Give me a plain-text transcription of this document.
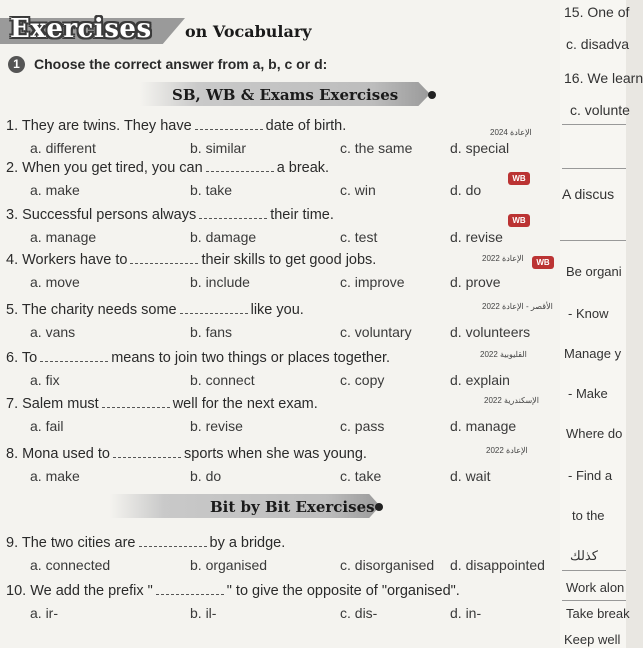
Exercises on Vocabulary
1	Choose the correct answer from a, b, c or d:
SB, WB & Exams Exercises
1. They are twins. They have	date of birth.
a. different	b. similar	c. the same	d. special
2024 الإعادة
2. When you get tired, you can	a break.
a. make	b. take	c. win	d. do
WB
3. Successful persons always	their time.
a. manage	b. damage	c. test	d. revise
WB
4. Workers have to	their skills to get good jobs.
a. move	b. include	c. improve	d. prove
2022 الإعادة	WB
5. The charity needs some	like you.
a. vans	b. fans	c. voluntary	d. volunteers
2022 الأقصر - الإعادة
6. To	means to join two things or places together.
a. fix	b. connect	c. copy	d. explain
2022 القليوبية
7. Salem must	well for the next exam.
a. fail	b. revise	c. pass	d. manage
2022 الإسكندرية
8. Mona used to	sports when she was young.
a. make	b. do	c. take	d. wait
2022 الإعادة
9. The two cities are	by a bridge.
a. connected	b. organised	c. disorganised d. disappointed
10. We add the prefix "	" to give the opposite of "organised".
a. ir-	b. il-	c. dis-	d. in-
Bit by Bit Exercises
15. One of
c. disadva
16. We learn
c. volunte
A discus
Be organi
- Know
Manage y
- Make
Where do
- Find a
to the
كذلك
Work alon
Take break
Keep well
